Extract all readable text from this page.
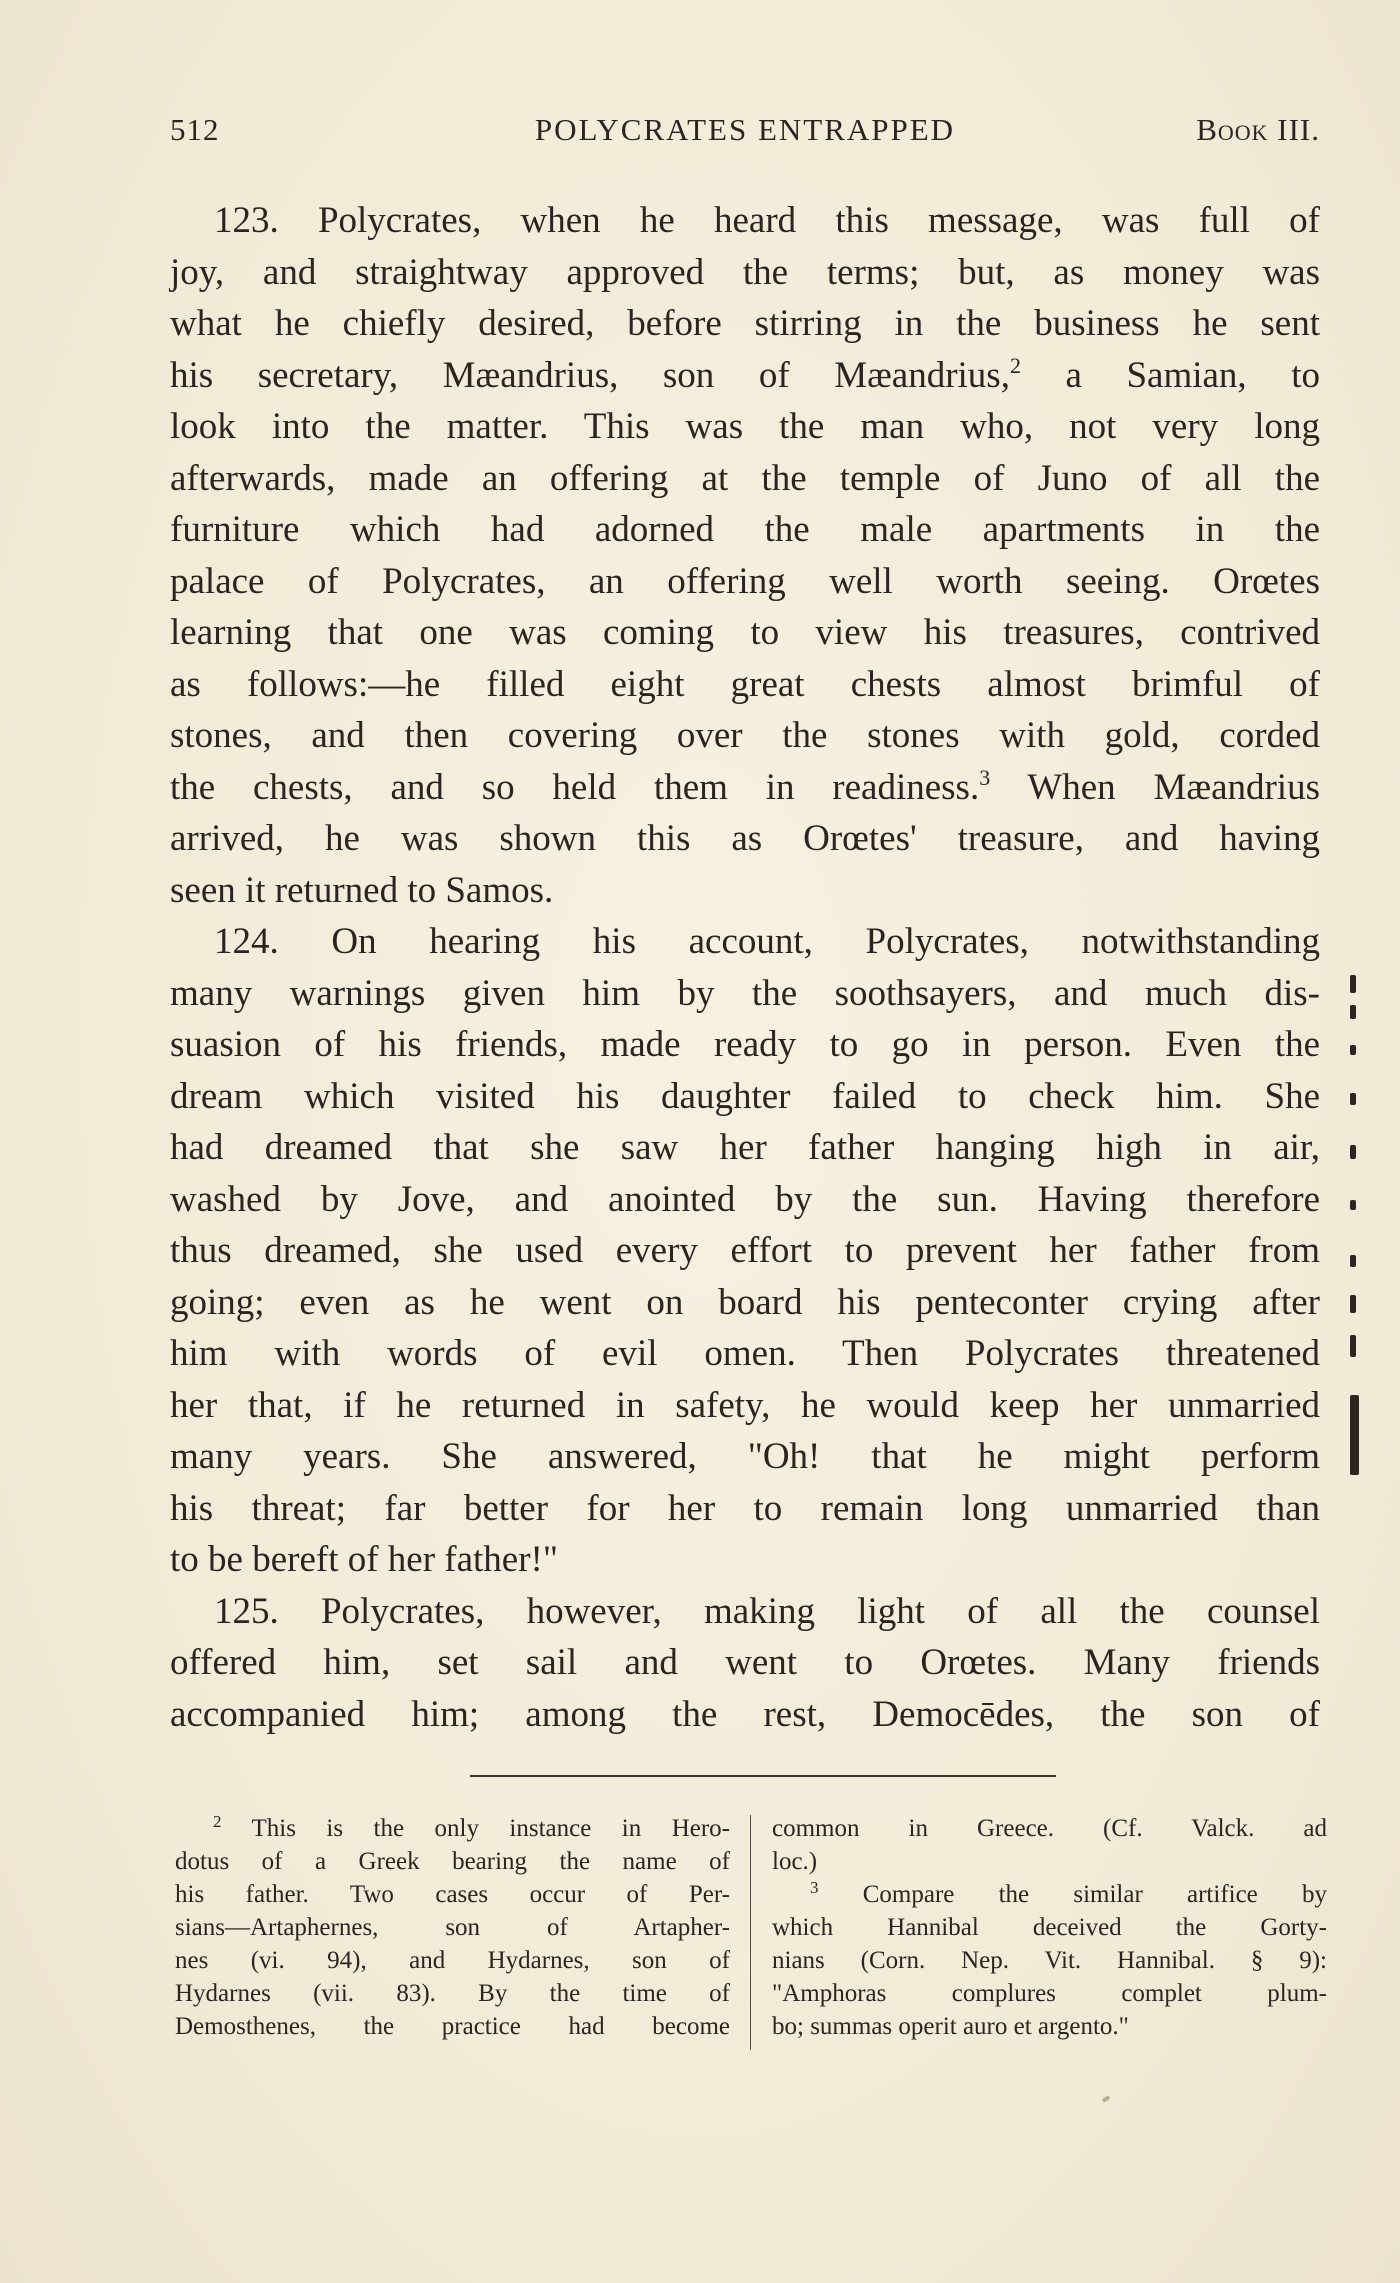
512	POLYCRATES ENTRAPPED	Book III.
123. Polycrates, when he heard this message, was full of
joy, and straightway approved the terms; but, as money was
what he chiefly desired, before stirring in the business he sent
his secretary, Mæandrius, son of Mæandrius,$^2$ a Samian, to
look into the matter. This was the man who, not very long
afterwards, made an offering at the temple of Juno of all the
furniture which had adorned the male apartments in the
palace of Polycrates, an offering well worth seeing. Orœtes
learning that one was coming to view his treasures, contrived
as follows:—he filled eight great chests almost brimful of
stones, and then covering over the stones with gold, corded
the chests, and so held them in readiness.$^3$ When Mæandrius
arrived, he was shown this as Orœtes' treasure, and having
seen it returned to Samos.
124. On hearing his account, Polycrates, notwithstanding
many warnings given him by the soothsayers, and much dis-
suasion of his friends, made ready to go in person. Even the
dream which visited his daughter failed to check him. She
had dreamed that she saw her father hanging high in air,
washed by Jove, and anointed by the sun. Having therefore
thus dreamed, she used every effort to prevent her father from
going; even as he went on board his penteconter crying after
him with words of evil omen. Then Polycrates threatened
her that, if he returned in safety, he would keep her unmarried
many years. She answered, "Oh! that he might perform
his threat; far better for her to remain long unmarried than
to be bereft of her father!"
125. Polycrates, however, making light of all the counsel
offered him, set sail and went to Orœtes. Many friends
accompanied him; among the rest, Democēdes, the son of
$^2$ This is the only instance in Hero-
dotus of a Greek bearing the name of
his father. Two cases occur of Per-
sians—Artaphernes, son of Artapher-
nes (vi. 94), and Hydarnes, son of
Hydarnes (vii. 83). By the time of
Demosthenes, the practice had become
common in Greece. (Cf. Valck. ad
loc.)
$^3$ Compare the similar artifice by
which Hannibal deceived the Gorty-
nians (Corn. Nep. Vit. Hannibal. § 9):
"Amphoras complures complet plum-
bo; summas operit auro et argento."
